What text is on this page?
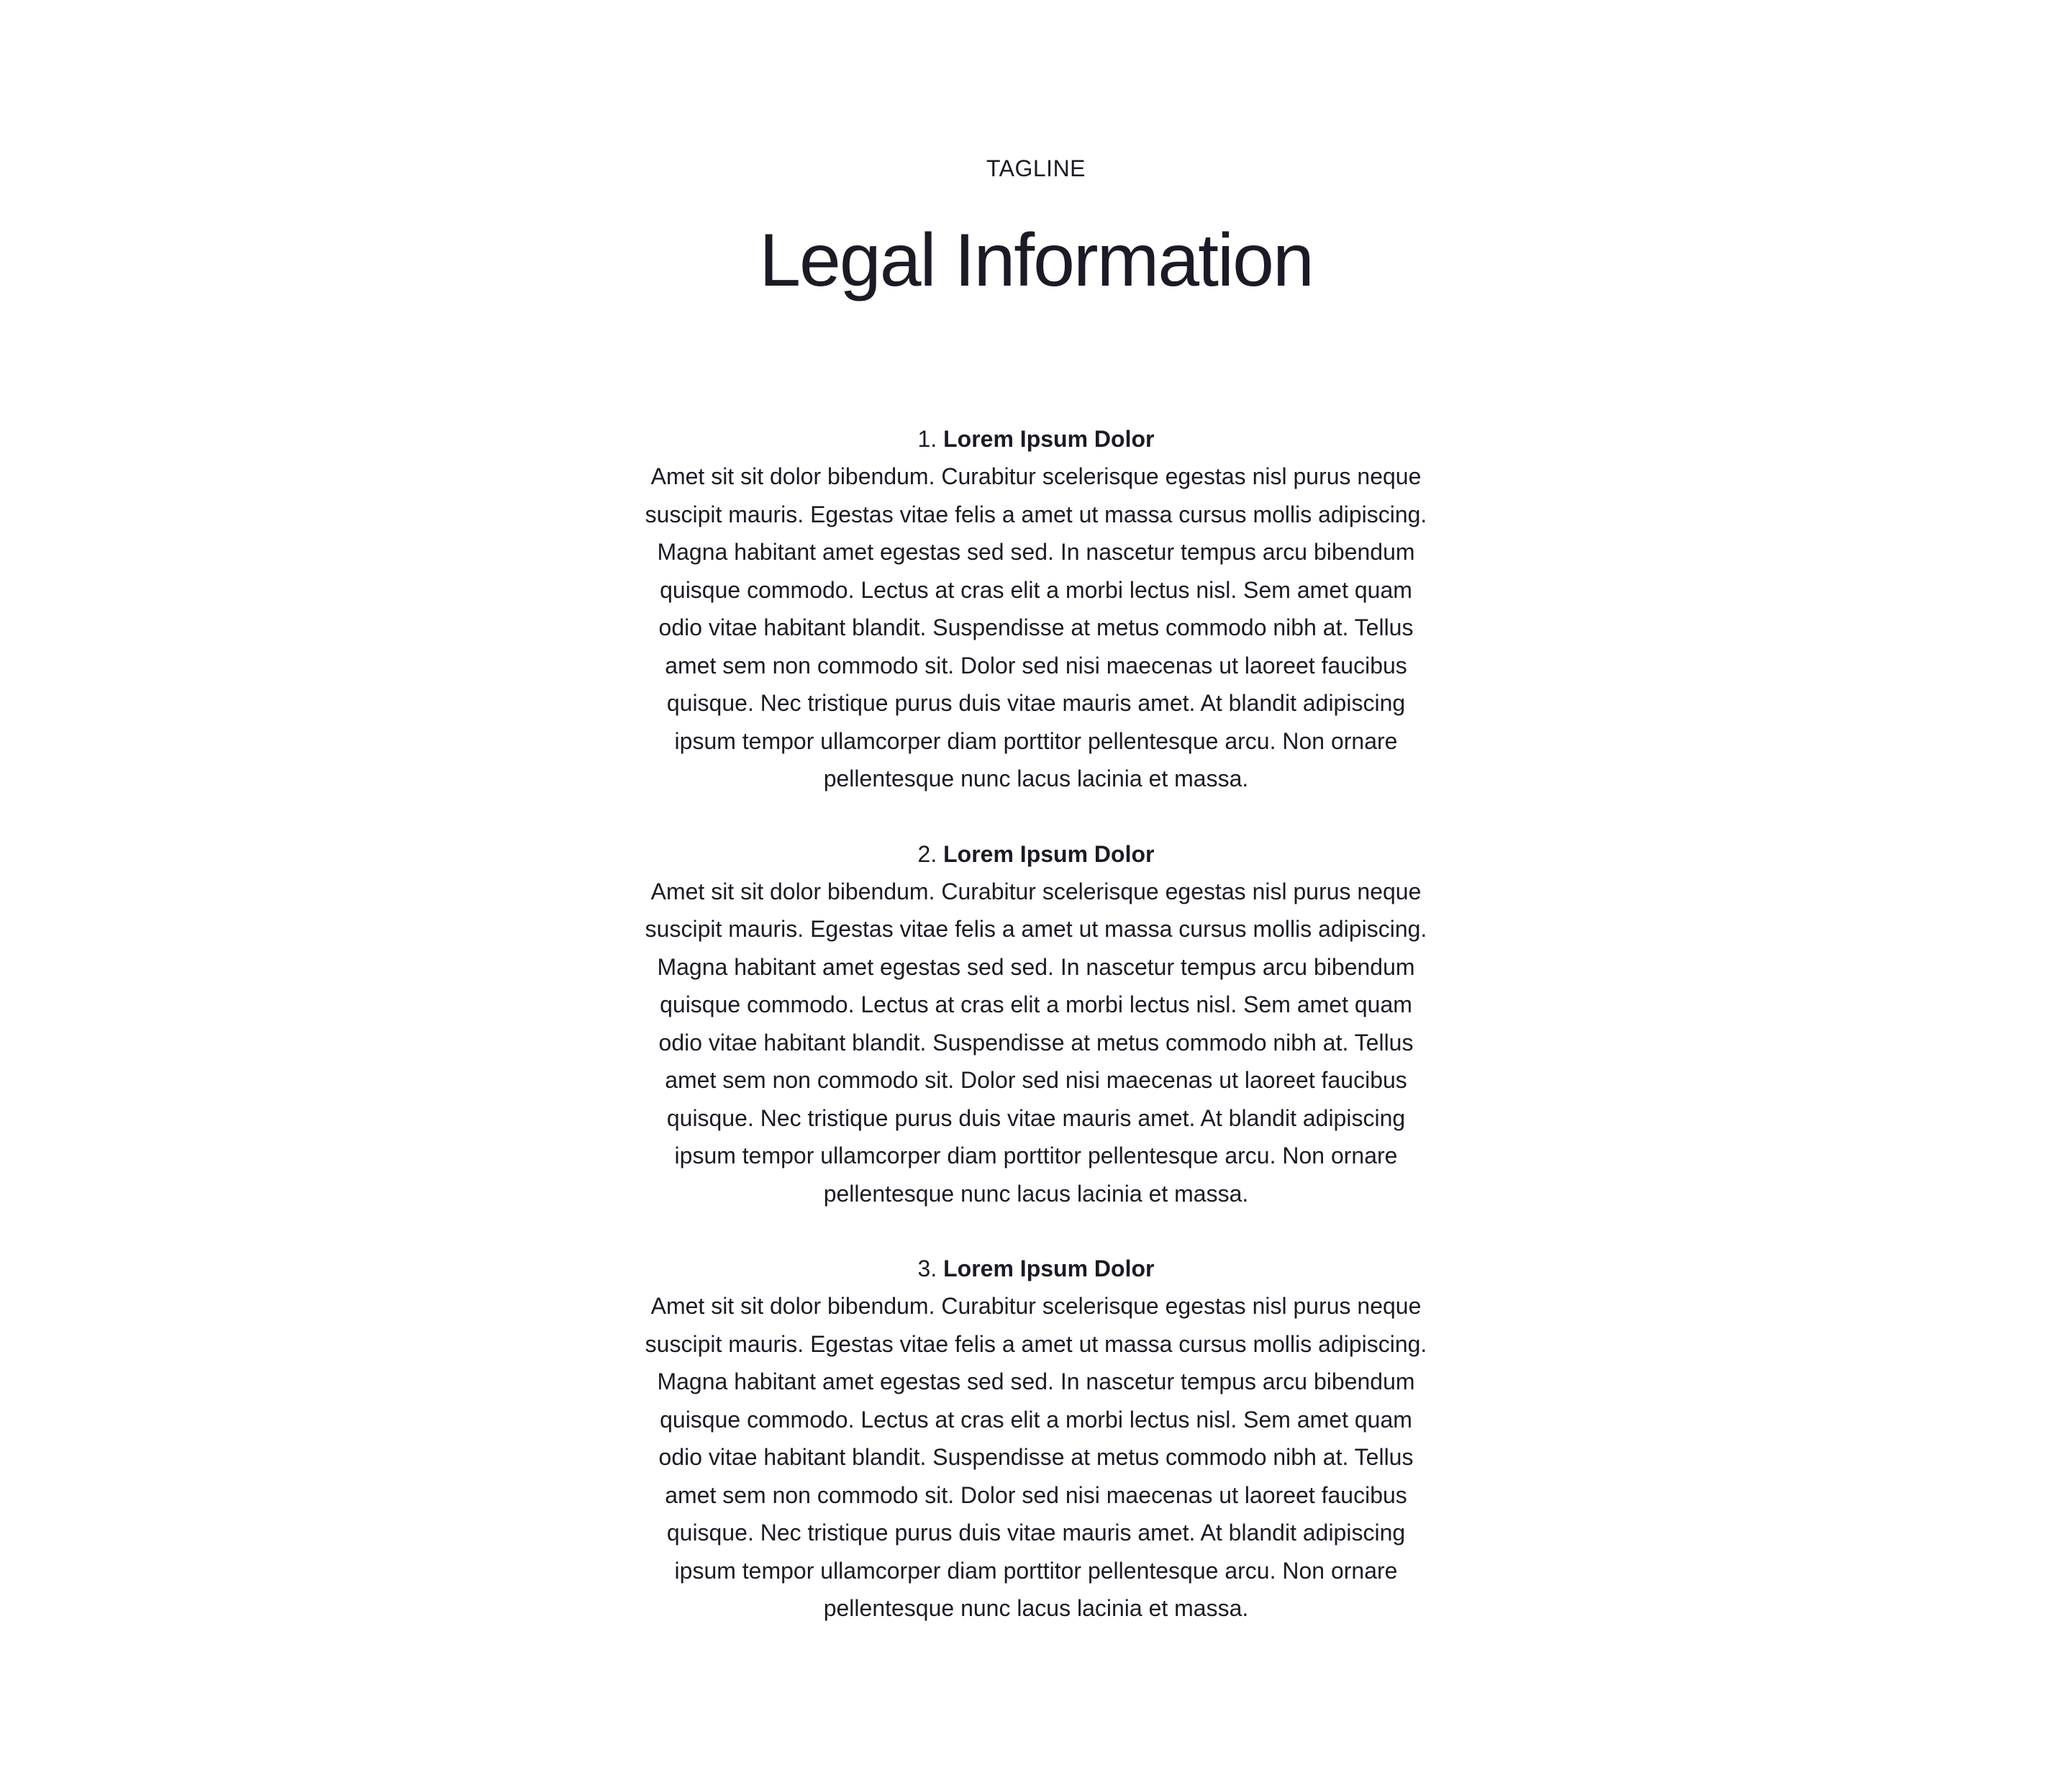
TAGLINE
Legal Information

1. Lorem Ipsum Dolor

Amet sit sit dolor bibendum. Curabitur scelerisque egestas nisl purus neque suscipit mauris. Egestas vitae felis a amet ut massa cursus mollis adipiscing. Magna habitant amet egestas sed sed. In nascetur tempus arcu bibendum quisque commodo. Lectus at cras elit a morbi lectus nisl. Sem amet quam odio vitae habitant blandit. Suspendisse at metus commodo nibh at. Tellus amet sem non commodo sit. Dolor sed nisi maecenas ut laoreet faucibus quisque. Nec tristique purus duis vitae mauris amet. At blandit adipiscing ipsum tempor ullamcorper diam porttitor pellentesque arcu. Non ornare pellentesque nunc lacus lacinia et massa.

2. Lorem Ipsum Dolor

Amet sit sit dolor bibendum. Curabitur scelerisque egestas nisl purus neque suscipit mauris. Egestas vitae felis a amet ut massa cursus mollis adipiscing. Magna habitant amet egestas sed sed. In nascetur tempus arcu bibendum quisque commodo. Lectus at cras elit a morbi lectus nisl. Sem amet quam odio vitae habitant blandit. Suspendisse at metus commodo nibh at. Tellus amet sem non commodo sit. Dolor sed nisi maecenas ut laoreet faucibus quisque. Nec tristique purus duis vitae mauris amet. At blandit adipiscing ipsum tempor ullamcorper diam porttitor pellentesque arcu. Non ornare pellentesque nunc lacus lacinia et massa.

3. Lorem Ipsum Dolor

Amet sit sit dolor bibendum. Curabitur scelerisque egestas nisl purus neque suscipit mauris. Egestas vitae felis a amet ut massa cursus mollis adipiscing. Magna habitant amet egestas sed sed. In nascetur tempus arcu bibendum quisque commodo. Lectus at cras elit a morbi lectus nisl. Sem amet quam odio vitae habitant blandit. Suspendisse at metus commodo nibh at. Tellus amet sem non commodo sit. Dolor sed nisi maecenas ut laoreet faucibus quisque. Nec tristique purus duis vitae mauris amet. At blandit adipiscing ipsum tempor ullamcorper diam porttitor pellentesque arcu. Non ornare pellentesque nunc lacus lacinia et massa.
